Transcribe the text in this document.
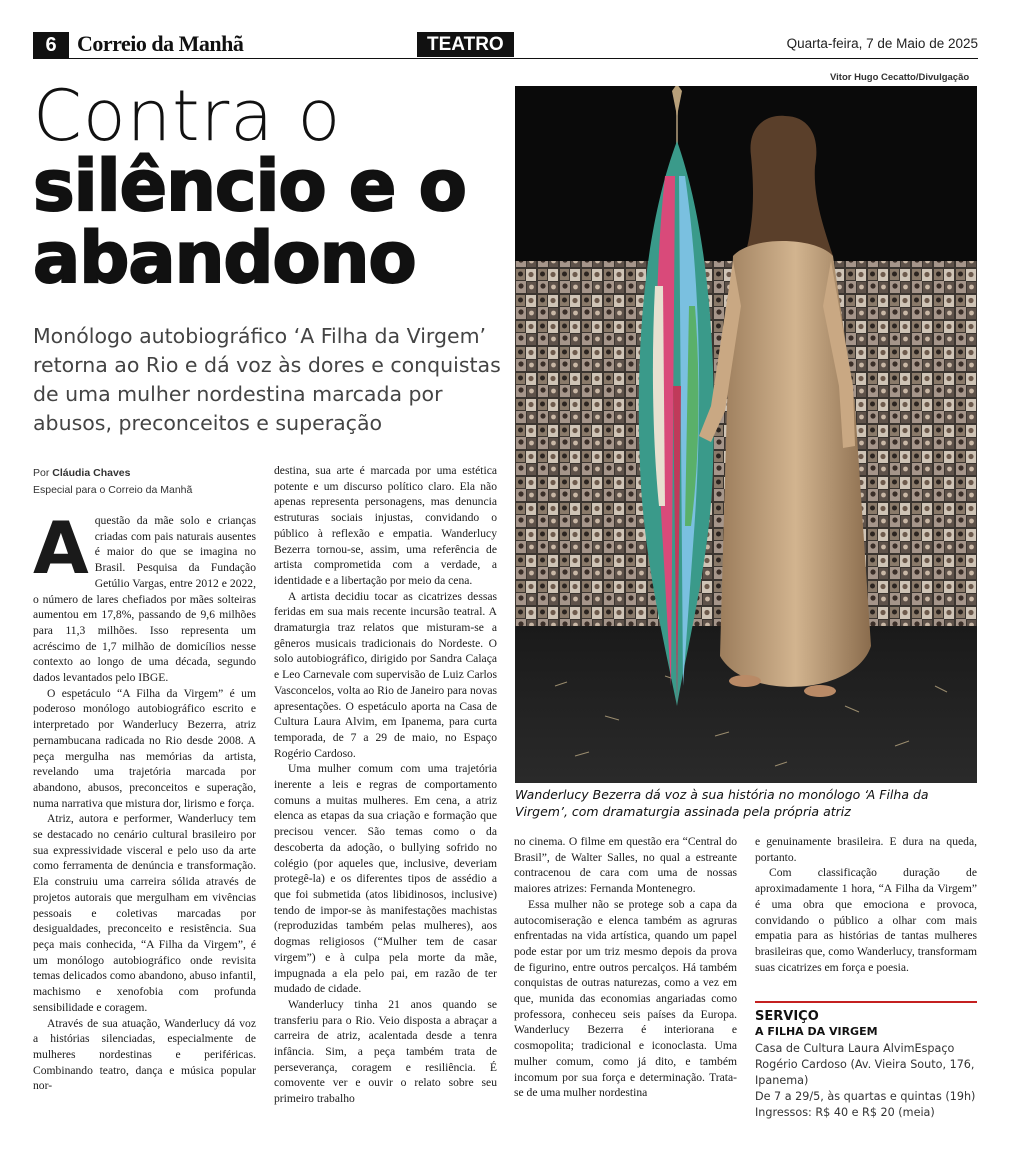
6 Correio da Manhã	TEATRO	Quarta-feira, 7 de Maio de 2025
Vitor Hugo Cecatto/Divulgação
Contra o
silêncio e o abandono
Monólogo autobiográfico ‘A Filha da Virgem’ retorna ao Rio e dá voz às dores e conquistas de uma mulher nordestina marcada por abusos, preconceitos e superação
Por Cláudia Chaves
Especial para o Correio da Manhã

Aquestão da mãe solo e crianças criadas com pais naturais ausentes é maior do que se imagina no Brasil. Pesquisa da Fundação Getúlio Vargas, entre 2012 e 2022, o número de lares chefiados por mães solteiras aumentou em 17,8%, passando de 9,6 milhões para 11,3 milhões. Isso representa um acréscimo de 1,7 milhão de domicílios nesse contexto ao longo de uma década, segundo dados levantados pelo IBGE.

O espetáculo “A Filha da Virgem” é um poderoso monólogo autobiográfico escrito e interpretado por Wanderlucy Bezerra, atriz pernambucana radicada no Rio desde 2008. A peça mergulha nas memórias da artista, revelando uma trajetória marcada por abandono, abusos, preconceitos e superação, numa narrativa que mistura dor, lirismo e força.

Atriz, autora e performer, Wanderlucy tem se destacado no cenário cultural brasileiro por sua expressividade visceral e pelo uso da arte como ferramenta de denúncia e transformação. Ela construiu uma carreira sólida através de projetos autorais que mergulham em vivências pessoais e coletivas marcadas por desigualdades, preconceito e resistência. Sua peça mais conhecida, “A Filha da Virgem”, é um monólogo autobiográfico onde revisita temas delicados como abandono, abuso infantil, machismo e xenofobia com profunda sensibilidade e coragem.

Através de sua atuação, Wanderlucy dá voz a histórias silenciadas, especialmente de mulheres nordestinas e periféricas. Combinando teatro, dança e música popular nor-

destina, sua arte é marcada por uma estética potente e um discurso político claro. Ela não apenas representa personagens, mas denuncia estruturas sociais injustas, convidando o público à reflexão e empatia. Wanderlucy Bezerra tornou-se, assim, uma referência de artista comprometida com a verdade, a identidade e a libertação por meio da cena.

A artista decidiu tocar as cicatrizes dessas feridas em sua mais recente incursão teatral. A dramaturgia traz relatos que misturam-se a gêneros musicais tradicionais do Nordeste. O solo autobiográfico, dirigido por Sandra Calaça e Leo Carnevale com supervisão de Luiz Carlos Vasconcelos, volta ao Rio de Janeiro para novas apresentações. O espetáculo aporta na Casa de Cultura Laura Alvim, em Ipanema, para curta temporada, de 7 a 29 de maio, no Espaço Rogério Cardoso.

Uma mulher comum com uma trajetória inerente a leis e regras de comportamento comuns a muitas mulheres. Em cena, a atriz elenca as etapas da sua criação e formação que precisou vencer. São temas como o da descoberta da adoção, o bullying sofrido no colégio (por aqueles que, inclusive, deveriam protegê-la) e os diferentes tipos de assédio a que foi submetida (atos libidinosos, inclusive) tendo de impor-se às manifestações machistas (reproduzidas também pelas mulheres), aos dogmas religiosos (“Mulher tem de casar virgem”) e à culpa pela morte da mãe, impugnada a ela pelo pai, em razão de ter mudado de cidade.

Wanderlucy tinha 21 anos quando se transferiu para o Rio. Veio disposta a abraçar a carreira de atriz, acalentada desde a tenra infância. Sim, a peça também trata de perseverança, coragem e resiliência. É comovente ver e ouvir o relato sobre seu primeiro trabalho

Wanderlucy Bezerra dá voz à sua história no monólogo ‘A Filha da Virgem’, com dramaturgia assinada pela própria atriz

no cinema. O filme em questão era “Central do Brasil”, de Walter Salles, no qual a estreante contracenou de cara com uma de nossas maiores atrizes: Fernanda Montenegro.

Essa mulher não se protege sob a capa da autocomiseração e elenca também as agruras enfrentadas na vida artística, quando um papel pode estar por um triz mesmo depois da prova de figurino, entre outros percalços. Há também conquistas de outras naturezas, como a vez em que, munida das economias angariadas como professora, conheceu seis países da Europa. Wanderlucy Bezerra é interiorana e cosmopolita; tradicional e iconoclasta. Uma mulher comum, como já dito, e também incomum por sua força e determinação. Trata-se de uma mulher nordestina

e genuinamente brasileira. E dura na queda, portanto.

Com classificação duração de aproximadamente 1 hora, “A Filha da Virgem” é uma obra que emociona e provoca, convidando o público a olhar com mais empatia para as histórias de tantas mulheres brasileiras que, como Wanderlucy, transformam suas cicatrizes em força e poesia.

SERVIÇO
A FILHA DA VIRGEM
Casa de Cultura Laura AlvimEspaço Rogério Cardoso (Av. Vieira Souto, 176, Ipanema)
De 7 a 29/5, às quartas e quintas (19h)
Ingressos: R$ 40 e R$ 20 (meia)
